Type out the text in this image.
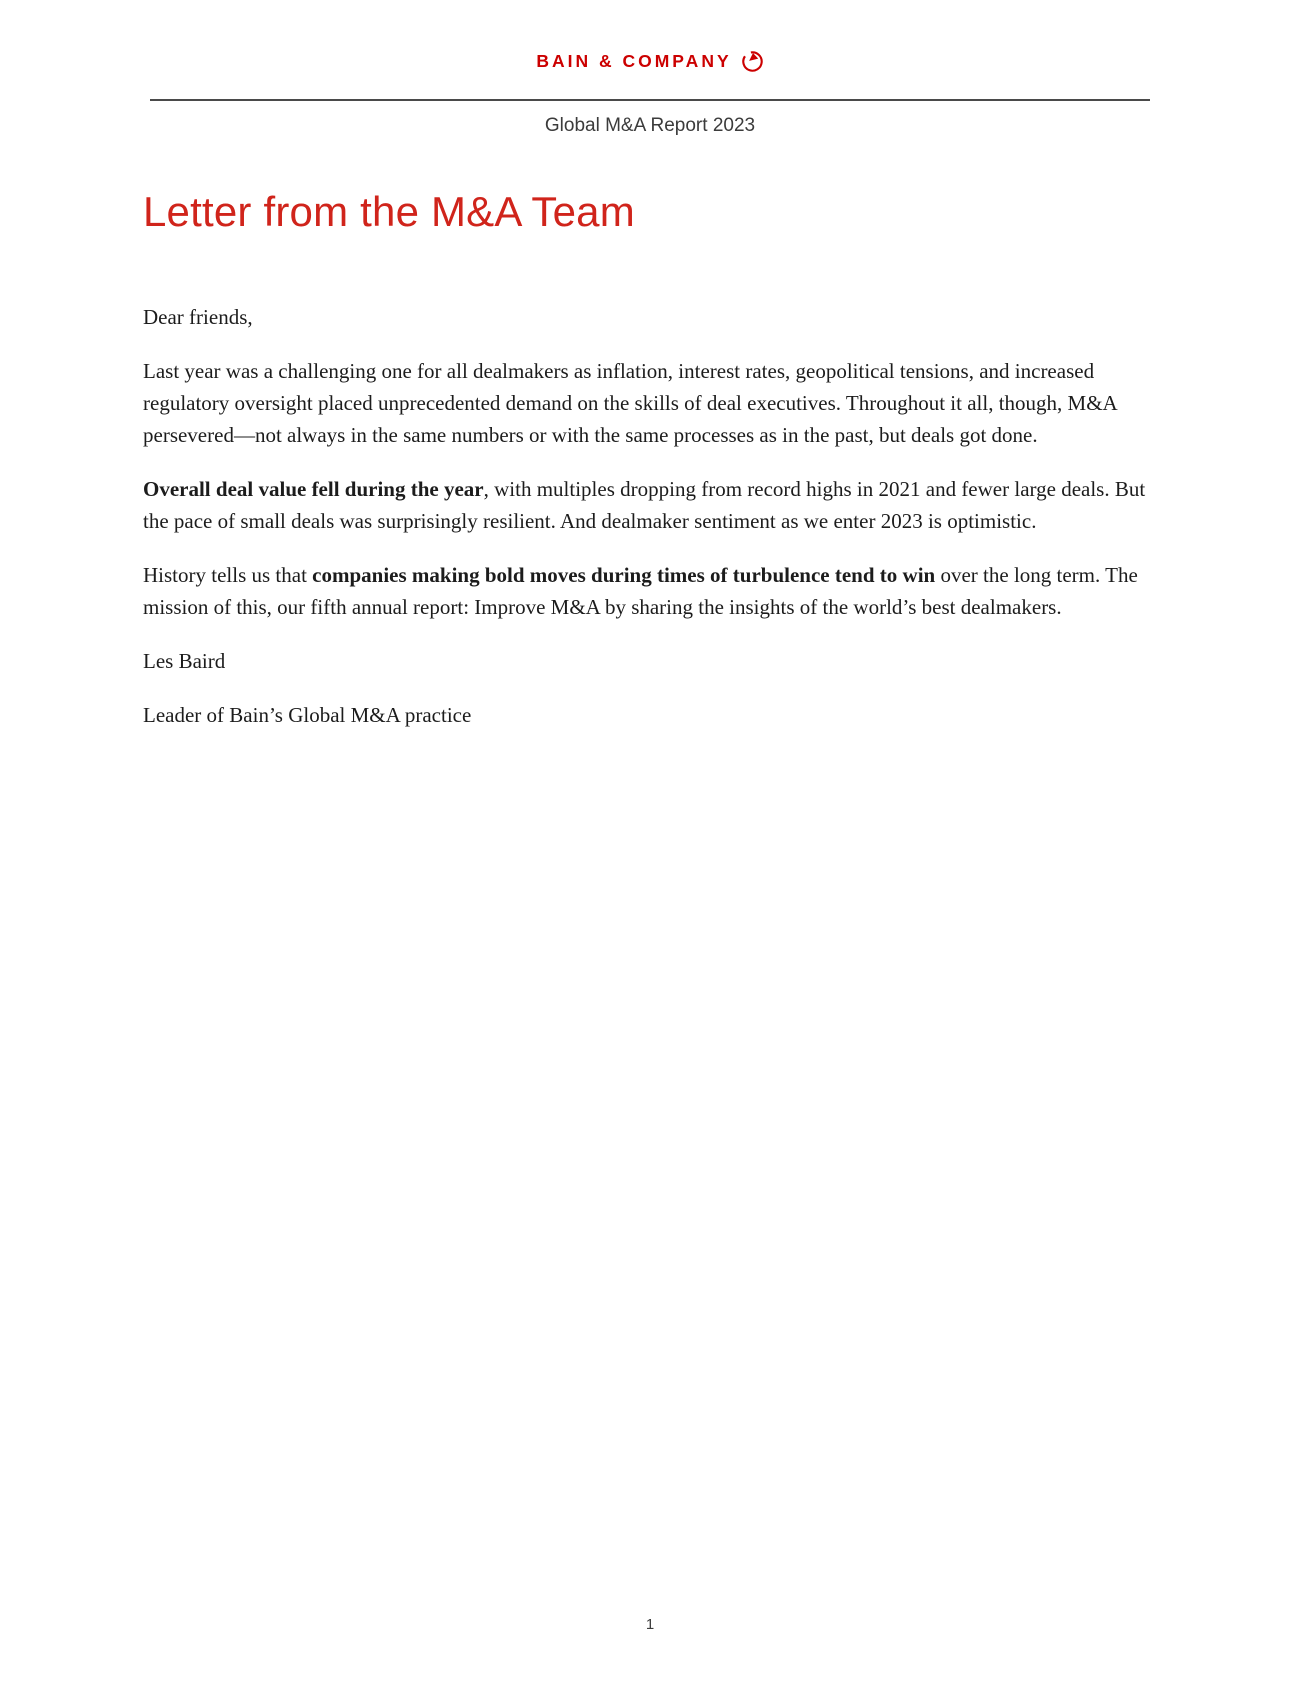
BAIN & COMPANY
Global M&A Report 2023
Letter from the M&A Team

Dear friends,

Last year was a challenging one for all dealmakers as inflation, interest rates, geopolitical tensions, and increased regulatory oversight placed unprecedented demand on the skills of deal executives. Throughout it all, though, M&A persevered—not always in the same numbers or with the same processes as in the past, but deals got done.

Overall deal value fell during the year, with multiples dropping from record highs in 2021 and fewer large deals. But the pace of small deals was surprisingly resilient. And dealmaker sentiment as we enter 2023 is optimistic.

History tells us that companies making bold moves during times of turbulence tend to win over the long term. The mission of this, our fifth annual report: Improve M&A by sharing the insights of the world’s best dealmakers.

Les Baird

Leader of Bain’s Global M&A practice

1
